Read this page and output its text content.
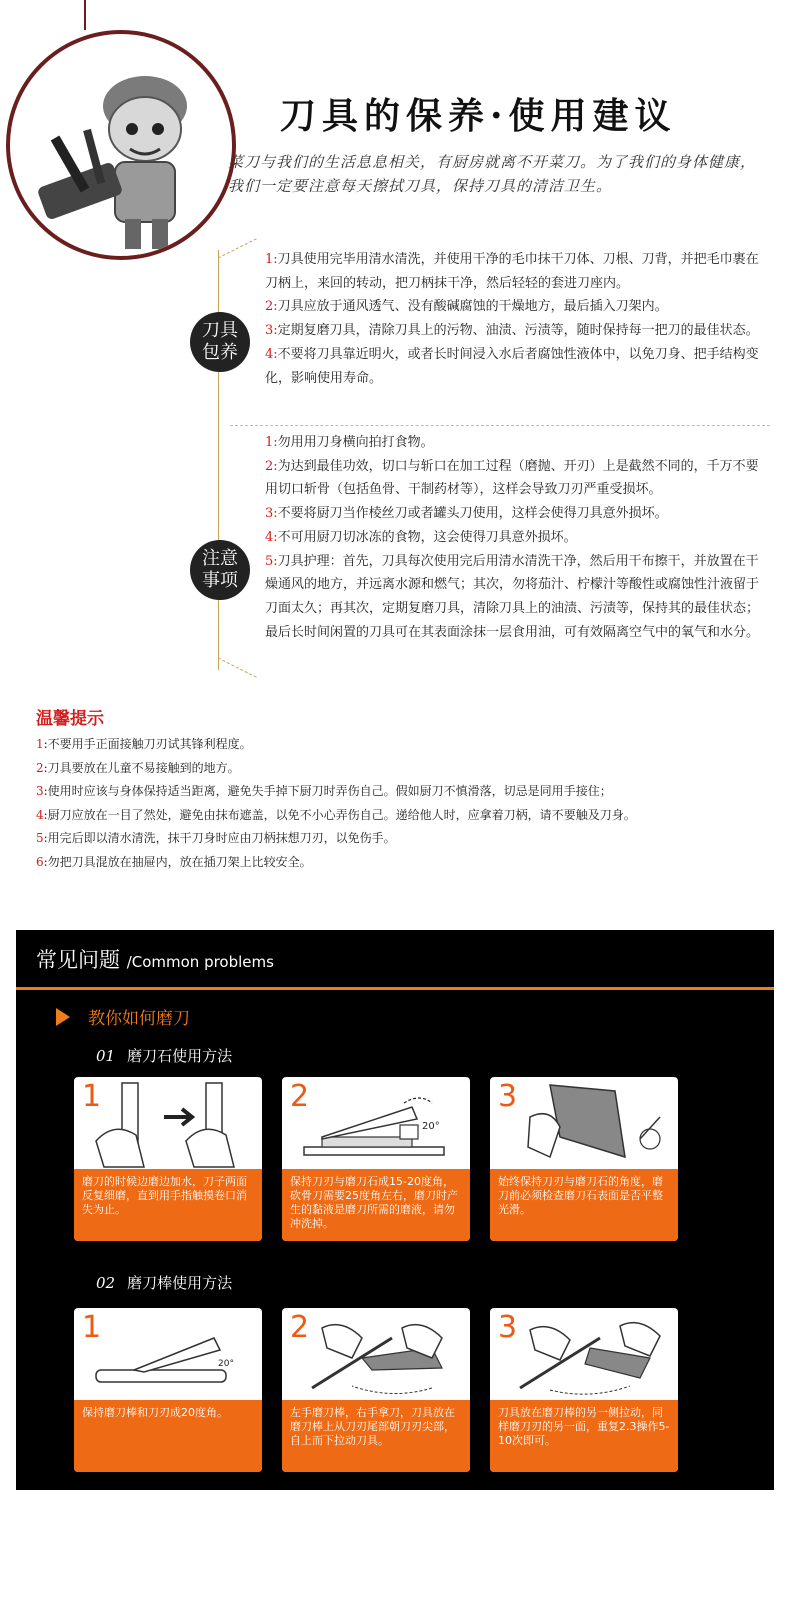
刀具的保养·使用建议
菜刀与我们的生活息息相关，有厨房就离不开菜刀。为了我们的身体健康，我们一定要注意每天擦拭刀具，保持刀具的清洁卫生。
刀具包养

1:刀具使用完毕用清水清洗，并使用干净的毛巾抹干刀体、刀根、刀背，并把毛巾裹在刀柄上，来回的转动，把刀柄抹干净，然后轻轻的套进刀座内。

2:刀具应放于通风透气、没有酸碱腐蚀的干燥地方，最后插入刀架内。

3:定期复磨刀具，清除刀具上的污物、油渍、污渍等，随时保持每一把刀的最佳状态。

4:不要将刀具靠近明火，或者长时间浸入水后者腐蚀性液体中，以免刀身、把手结构变化，影响使用寿命。

注意事项

1:勿用用刀身横向拍打食物。

2:为达到最佳功效，切口与斩口在加工过程（磨抛、开刃）上是截然不同的，千万不要用切口斩骨（包括鱼骨、干制药材等），这样会导致刀刃严重受损坏。

3:不要将厨刀当作棱丝刀或者罐头刀使用，这样会使得刀具意外损坏。

4:不可用厨刀切冰冻的食物，这会使得刀具意外损坏。

5:刀具护理：首先，刀具每次使用完后用清水清洗干净，然后用干布擦干，并放置在干燥通风的地方，并远离水源和燃气；其次，勿将茄汁、柠檬汁等酸性或腐蚀性汁液留于刀面太久；再其次，定期复磨刀具，清除刀具上的油渍、污渍等，保持其的最佳状态；最后长时间闲置的刀具可在其表面涂抹一层食用油，可有效隔离空气中的氧气和水分。

温馨提示

1:不要用手正面接触刀刃试其锋利程度。

2:刀具要放在儿童不易接触到的地方。

3:使用时应该与身体保持适当距离，避免失手掉下厨刀时弄伤自己。假如厨刀不慎滑落，切忌是同用手接住；

4:厨刀应放在一目了然处，避免由抹布遮盖，以免不小心弄伤自己。递给他人时，应拿着刀柄，请不要触及刀身。

5:用完后即以清水清洗，抹干刀身时应由刀柄抹想刀刃，以免伤手。

6:勿把刀具混放在抽屉内，放在插刀架上比较安全。

常见问题 /Common problems
教你如何磨刀
01 磨刀石使用方法
1
磨刀的时候边磨边加水，刀子两面反复细磨，直到用手指触摸卷口消失为止。
20°
2
保持刀刃与磨刀石成15-20度角，砍骨刀需要25度角左右，磨刀时产生的黏液是磨刀所需的磨液，请勿冲洗掉。
3
始终保持刀刃与磨刀石的角度，磨刀前必须检查磨刀石表面是否平整光滑。
02 磨刀棒使用方法
20°
1
保持磨刀棒和刀刃成20度角。
2
左手磨刀棒，右手拿刀，刀具放在磨刀棒上从刀刃尾部朝刀刃尖部，自上而下拉动刀具。
3
刀具放在磨刀棒的另一侧拉动，同样磨刀刃的另一面，重复2.3操作5-10次即可。
